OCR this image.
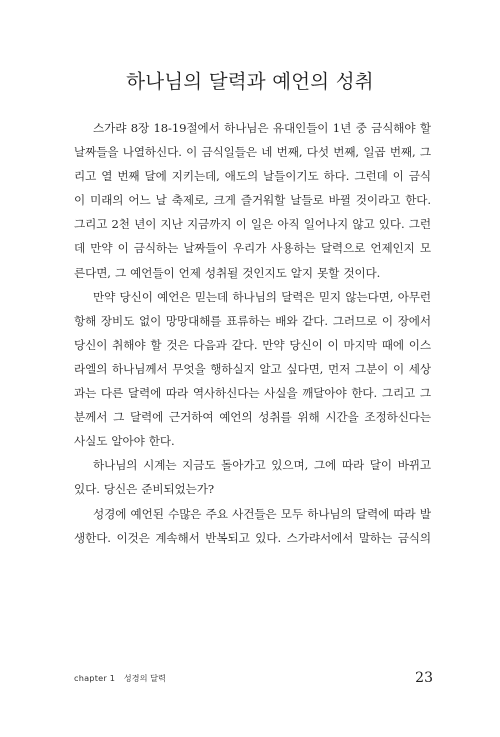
하나님의 달력과 예언의 성취

스가랴 8장 18-19절에서 하나님은 유대인들이 1년 중 금식해야 할 날짜들을 나열하신다. 이 금식일들은 네 번째, 다섯 번째, 일곱 번째, 그리고 열 번째 달에 지키는데, 애도의 날들이기도 하다. 그런데 이 금식이 미래의 어느 날 축제로, 크게 즐거워할 날들로 바뀔 것이라고 한다. 그리고 2천 년이 지난 지금까지 이 일은 아직 일어나지 않고 있다. 그런데 만약 이 금식하는 날짜들이 우리가 사용하는 달력으로 언제인지 모른다면, 그 예언들이 언제 성취될 것인지도 알지 못할 것이다.

만약 당신이 예언은 믿는데 하나님의 달력은 믿지 않는다면, 아무런 항해 장비도 없이 망망대해를 표류하는 배와 같다. 그러므로 이 장에서 당신이 취해야 할 것은 다음과 같다. 만약 당신이 이 마지막 때에 이스라엘의 하나님께서 무엇을 행하실지 알고 싶다면, 먼저 그분이 이 세상과는 다른 달력에 따라 역사하신다는 사실을 깨달아야 한다. 그리고 그분께서 그 달력에 근거하여 예언의 성취를 위해 시간을 조정하신다는 사실도 알아야 한다.

하나님의 시계는 지금도 돌아가고 있으며, 그에 따라 달이 바뀌고 있다. 당신은 준비되었는가?

성경에 예언된 수많은 주요 사건들은 모두 하나님의 달력에 따라 발생한다. 이것은 계속해서 반복되고 있다. 스가랴서에서 말하는 금식의

chapter 1 성경의 달력	23
